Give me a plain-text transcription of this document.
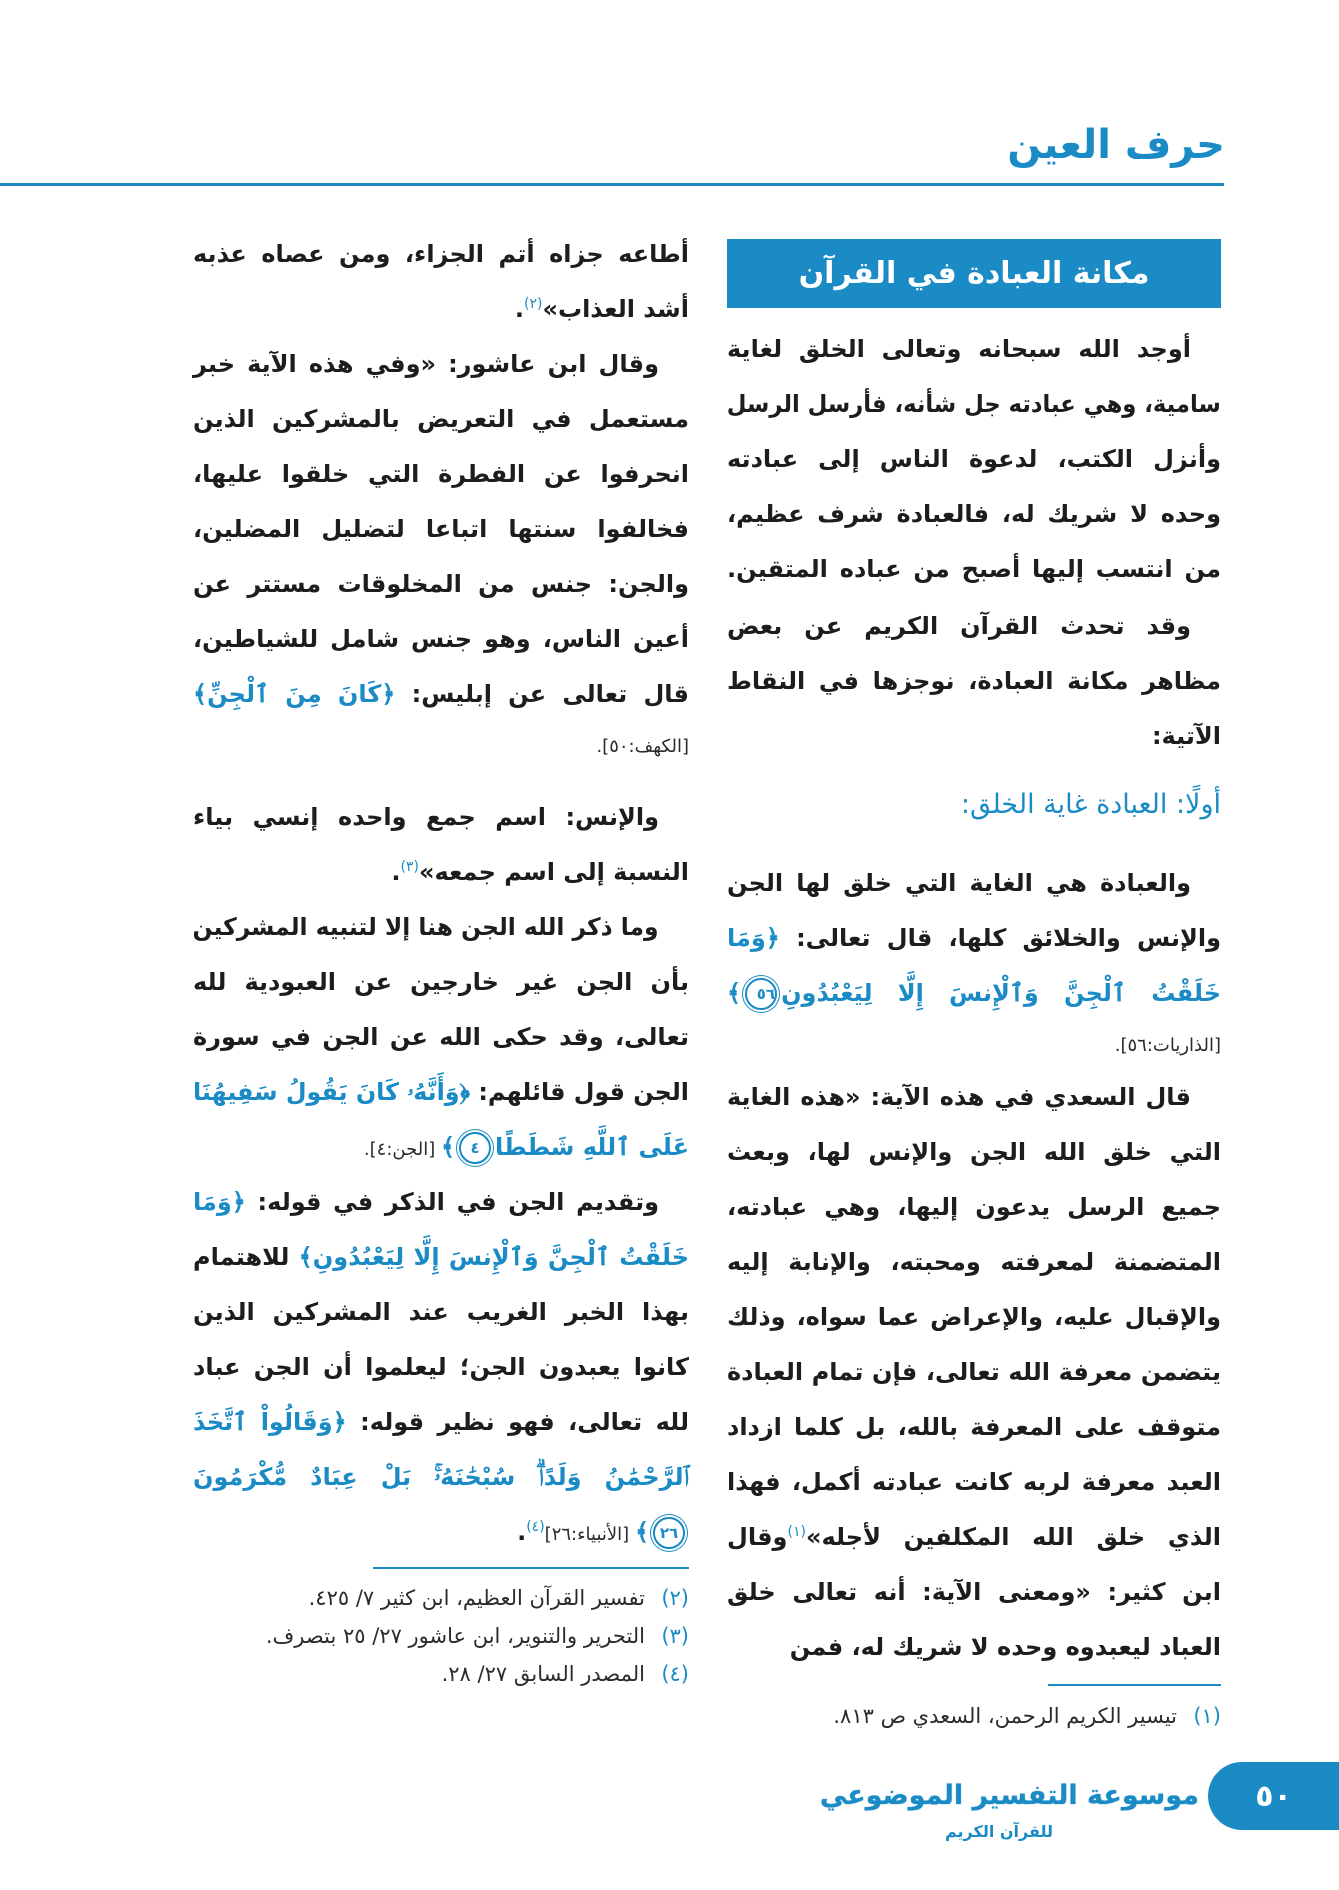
حرف العين
مكانة العبادة في القرآن
أوجد الله سبحانه وتعالى الخلق لغاية
سامية، وهي عبادته جل شأنه، فأرسل الرسل
وأنزل الكتب، لدعوة الناس إلى عبادته
وحده لا شريك له، فالعبادة شرف عظيم،
من انتسب إليها أصبح من عباده المتقين.
وقد تحدث القرآن الكريم عن بعض
مظاهر مكانة العبادة، نوجزها في النقاط
الآتية:
أولًا: العبادة غاية الخلق:
والعبادة هي الغاية التي خلق لها الجن
والإنس والخلائق كلها، قال تعالى: ﴿وَمَا
خَلَقْتُ ٱلْجِنَّ وَٱلْإِنسَ إِلَّا لِيَعْبُدُونِ٥٦﴾
[الذاريات:٥٦].
قال السعدي في هذه الآية: «هذه الغاية
التي خلق الله الجن والإنس لها، وبعث
جميع الرسل يدعون إليها، وهي عبادته،
المتضمنة لمعرفته ومحبته، والإنابة إليه
والإقبال عليه، والإعراض عما سواه، وذلك
يتضمن معرفة الله تعالى، فإن تمام العبادة
متوقف على المعرفة بالله، بل كلما ازداد
العبد معرفة لربه كانت عبادته أكمل، فهذا
الذي خلق الله المكلفين لأجله»$^{(١)}$وقال
ابن كثير: «ومعنى الآية: أنه تعالى خلق
العباد ليعبدوه وحده لا شريك له، فمن
(١)
تيسير الكريم الرحمن، السعدي ص ٨١٣.
أطاعه جزاه أتم الجزاء، ومن عصاه عذبه
أشد العذاب»$^{(٢)}$.
وقال ابن عاشور: «وفي هذه الآية خبر
مستعمل في التعريض بالمشركين الذين
انحرفوا عن الفطرة التي خلقوا عليها،
فخالفوا سنتها اتباعا لتضليل المضلين،
والجن: جنس من المخلوقات مستتر عن
أعين الناس، وهو جنس شامل للشياطين،
قال تعالى عن إبليس: ﴿كَانَ مِنَ ٱلْجِنِّ﴾
[الكهف:٥٠].
والإنس: اسم جمع واحده إنسي بياء
النسبة إلى اسم جمعه»$^{(٣)}$.
وما ذكر الله الجن هنا إلا لتنبيه المشركين
بأن الجن غير خارجين عن العبودية لله
تعالى، وقد حكى الله عن الجن في سورة
الجن قول قائلهم: ﴿وَأَنَّهُۥ كَانَ يَقُولُ سَفِيهُنَا
عَلَى ٱللَّهِ شَطَطًا٤﴾ [الجن:٤].
وتقديم الجن في الذكر في قوله: ﴿وَمَا
خَلَقْتُ ٱلْجِنَّ وَٱلْإِنسَ إِلَّا لِيَعْبُدُونِ﴾ للاهتمام
بهذا الخبر الغريب عند المشركين الذين
كانوا يعبدون الجن؛ ليعلموا أن الجن عباد
لله تعالى، فهو نظير قوله: ﴿وَقَالُواْ ٱتَّخَذَ
ٱلرَّحْمَٰنُ وَلَدًاۗ سُبْحَٰنَهُۥۚ بَلْ عِبَادٌ مُّكْرَمُونَ
٢٦﴾ [الأنبياء:٢٦]$^{(٤)}$.
(٢)
تفسير القرآن العظيم، ابن كثير ٧/ ٤٢٥.
(٣)
التحرير والتنوير، ابن عاشور ٢٧/ ٢٥ بتصرف.
(٤)
المصدر السابق ٢٧/ ٢٨.
موسوعة التفسير الموضوعي
للقرآن الكريم
٥٠
